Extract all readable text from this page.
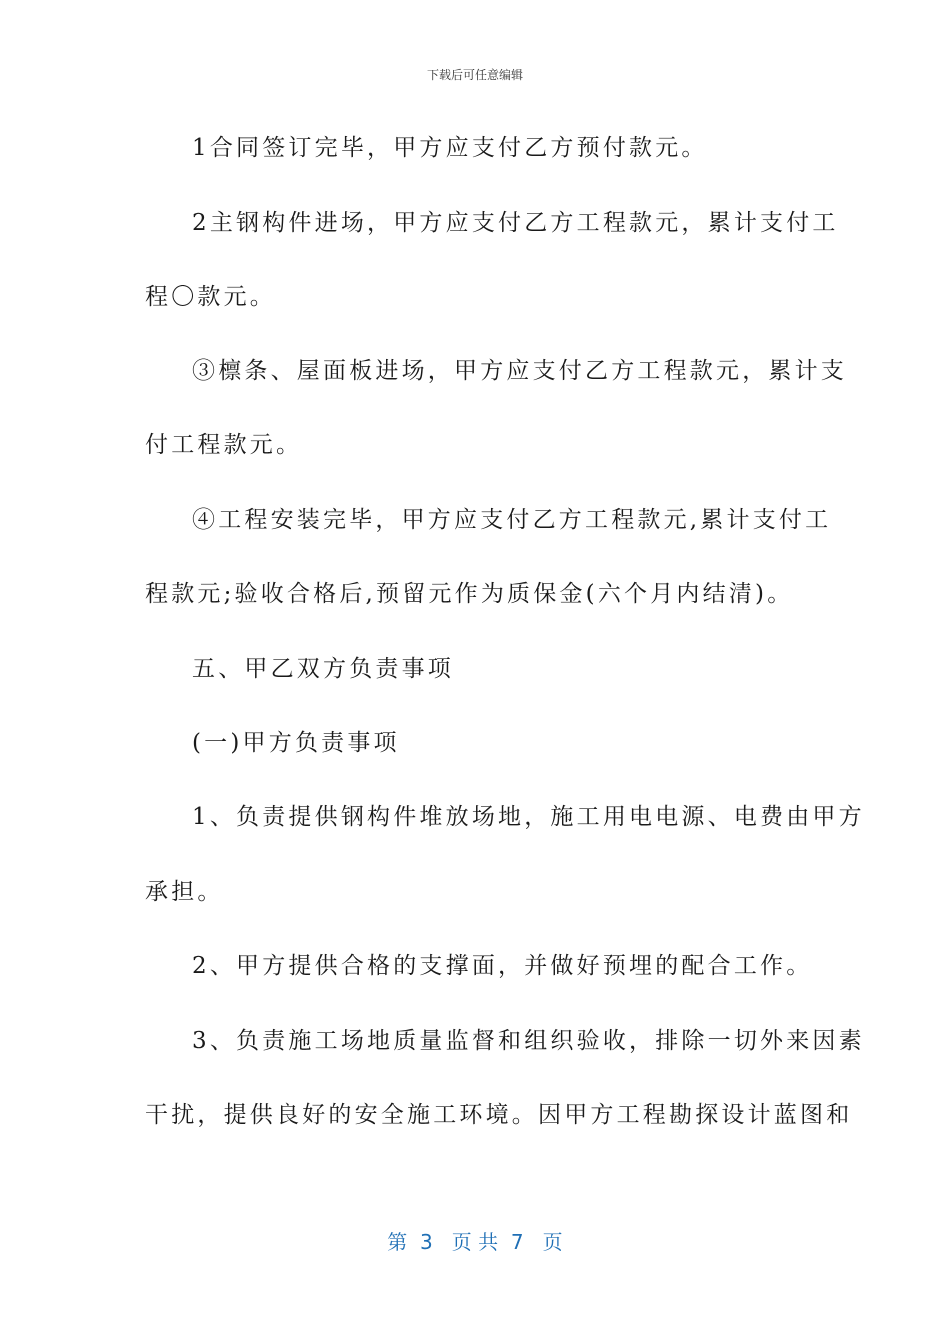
下载后可任意编辑
1合同签订完毕，甲方应支付乙方预付款元。
2主钢构件进场，甲方应支付乙方工程款元，累计支付工
程〇款元。
③檩条、屋面板进场，甲方应支付乙方工程款元，累计支
付工程款元。
④工程安装完毕，甲方应支付乙方工程款元,累计支付工
程款元;验收合格后,预留元作为质保金(六个月内结清)。
五、甲乙双方负责事项
(一)甲方负责事项
1、负责提供钢构件堆放场地，施工用电电源、电费由甲方
承担。
2、甲方提供合格的支撑面，并做好预埋的配合工作。
3、负责施工场地质量监督和组织验收，排除一切外来因素
干扰，提供良好的安全施工环境。因甲方工程勘探设计蓝图和
第  3   页 共  7   页
